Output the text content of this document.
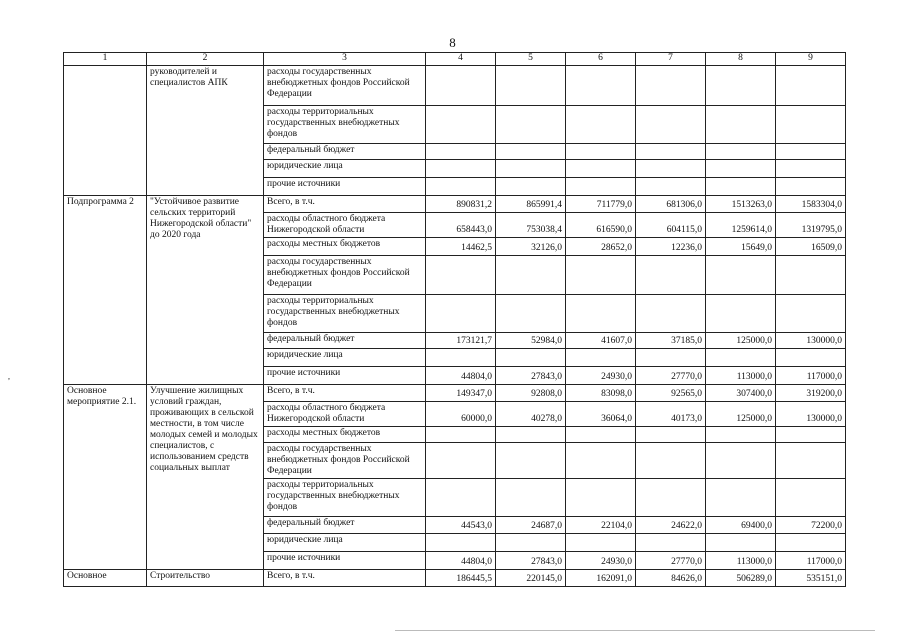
8
,
1	2	3	4	5	6	7	8	9
	руководителей и специалистов АПК	расходы государственных внебюджетных фондов Российской Федерации						
		расходы территориальных государственных внебюджетных фондов						
		федеральный бюджет						
		юридические лица						
		прочие источники						
Подпрограмма 2	"Устойчивое развитие сельских территорий Нижегородской области" до 2020 года	Всего, в т.ч.	890831,2	865991,4	711779,0	681306,0	1513263,0	1583304,0
		расходы областного бюджета Нижегородской области	658443,0	753038,4	616590,0	604115,0	1259614,0	1319795,0
		расходы местных бюджетов	14462,5	32126,0	28652,0	12236,0	15649,0	16509,0
		расходы государственных внебюджетных фондов Российской Федерации						
		расходы территориальных государственных внебюджетных фондов						
		федеральный бюджет	173121,7	52984,0	41607,0	37185,0	125000,0	130000,0
		юридические лица						
		прочие источники	44804,0	27843,0	24930,0	27770,0	113000,0	117000,0
Основное мероприятие 2.1.	Улучшение жилищных условий граждан, проживающих в сельской местности, в том числе молодых семей и молодых специалистов, с использованием средств социальных выплат	Всего, в т.ч.	149347,0	92808,0	83098,0	92565,0	307400,0	319200,0
		расходы областного бюджета Нижегородской области	60000,0	40278,0	36064,0	40173,0	125000,0	130000,0
		расходы местных бюджетов						
		расходы государственных внебюджетных фондов Российской Федерации						
		расходы территориальных государственных внебюджетных фондов						
		федеральный бюджет	44543,0	24687,0	22104,0	24622,0	69400,0	72200,0
		юридические лица						
		прочие источники	44804,0	27843,0	24930,0	27770,0	113000,0	117000,0
Основное	Строительство	Всего, в т.ч.	186445,5	220145,0	162091,0	84626,0	506289,0	535151,0
